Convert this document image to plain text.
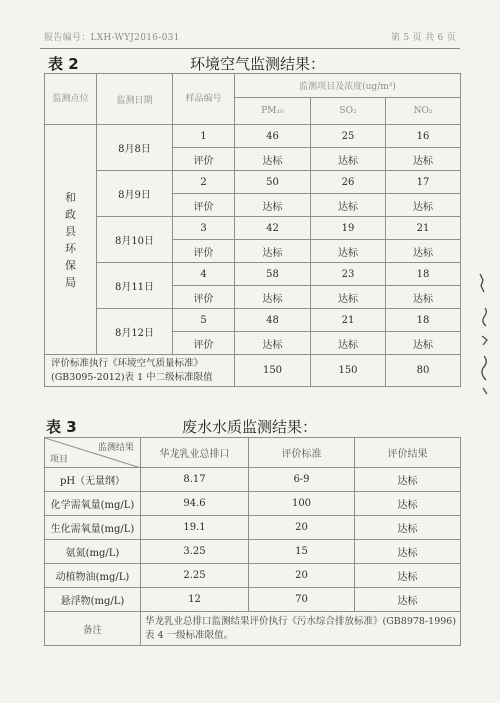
报告编号：LXH-WYJ2016-031	第 5 页 共 6 页
表 2	环境空气监测结果：
监测点位	监测日期	样品编号	监测项目及浓度(ug/m³)		
			PM₁₀	SO₂	NO₂
和政县环保局	8月8日	1	46	25	16
		评价	达标	达标	达标
	8月9日	2	50	26	17
		评价	达标	达标	达标
	8月10日	3	42	19	21
		评价	达标	达标	达标
	8月11日	4	58	23	18
		评价	达标	达标	达标
	8月12日	5	48	21	18
		评价	达标	达标	达标
评价标准执行《环境空气质量标准》(GB3095-2012)表 1 中二级标准限值			150	150	80
表 3	废水水质监测结果：
监测结果
项目	华龙乳业总排口	评价标准	评价结果
pH（无量纲）	8.17	6-9	达标
化学需氧量(mg/L)	94.6	100	达标
生化需氧量(mg/L)	19.1	20	达标
氨氮(mg/L)	3.25	15	达标
动植物油(mg/L)	2.25	20	达标
悬浮物(mg/L)	12	70	达标
备注	华龙乳业总排口监测结果评价执行《污水综合排放标准》(GB8978-1996)表 4 一级标准限值。		
